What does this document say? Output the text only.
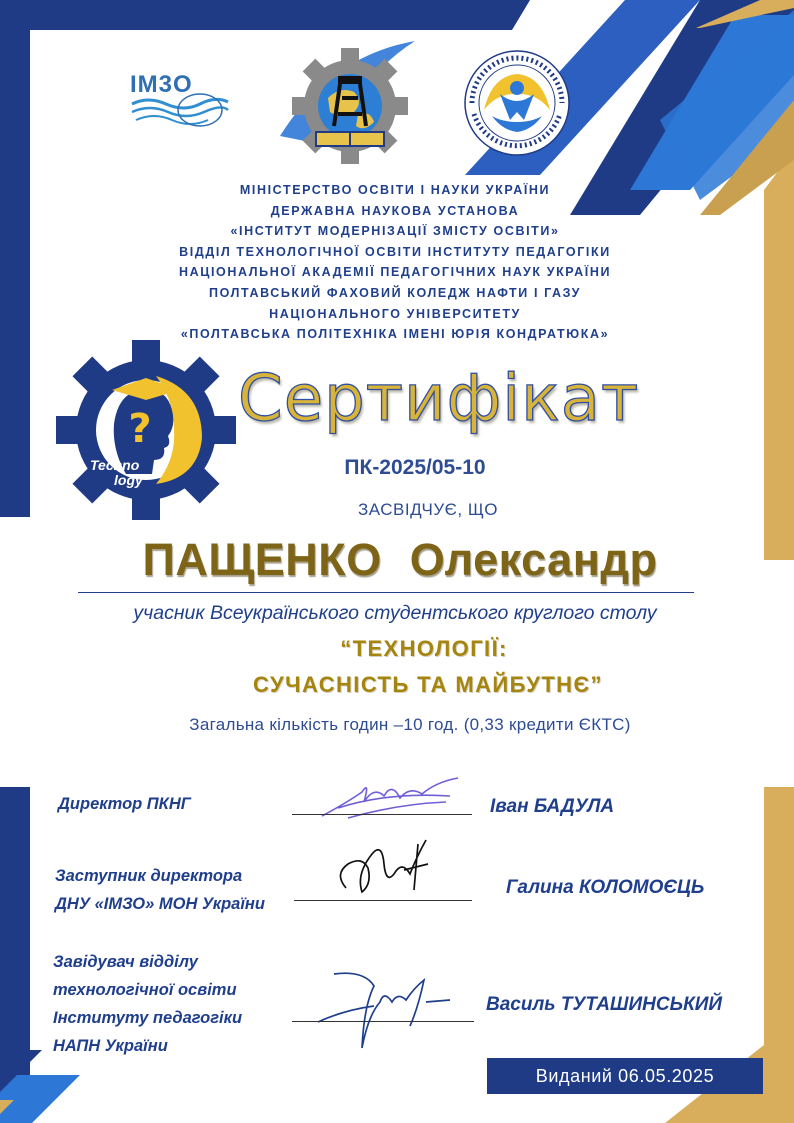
IM3O
МІНІСТЕРСТВО ОСВІТИ І НАУКИ УКРАЇНИ
ДЕРЖАВНА НАУКОВА УСТАНОВА
«ІНСТИТУТ МОДЕРНІЗАЦІЇ ЗМІСТУ ОСВІТИ»
ВІДДІЛ ТЕХНОЛОГІЧНОЇ ОСВІТИ ІНСТИТУТУ ПЕДАГОГІКИ
НАЦІОНАЛЬНОЇ АКАДЕМІЇ ПЕДАГОГІЧНИХ НАУК УКРАЇНИ
ПОЛТАВСЬКИЙ ФАХОВИЙ КОЛЕДЖ НАФТИ І ГАЗУ
НАЦІОНАЛЬНОГО УНІВЕРСИТЕТУ
«ПОЛТАВСЬКА ПОЛІТЕХНІКА ІМЕНІ ЮРІЯ КОНДРАТЮКА»
?
Techno
logy
Сертифікат
ПК-2025/05-10
ЗАСВІДЧУЄ, ЩО
ПАЩЕНКО Олександр
учасник Всеукраїнського студентського круглого столу
“ТЕХНОЛОГІЇ:
СУЧАСНІСТЬ ТА МАЙБУТНЄ”
Загальна кількість годин –10 год. (0,33 кредити ЄКТС)
Директор ПКНГ	Іван БАДУЛА
Заступник директора
ДНУ «ІМЗО» МОН України
Галина КОЛОМОЄЦЬ
Завідувач відділу
технологічної освіти
Інституту педагогіки
НАПН України
Василь ТУТАШИНСЬКИЙ
Виданий 06.05.2025
